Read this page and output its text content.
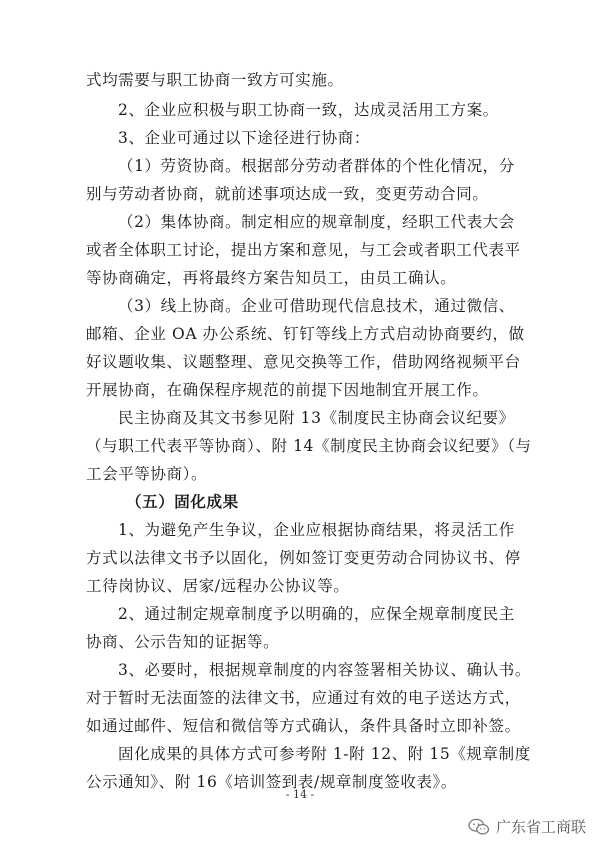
式均需要与职工协商一致方可实施。
2、企业应积极与职工协商一致，达成灵活用工方案。
3、企业可通过以下途径进行协商：
（1）劳资协商。根据部分劳动者群体的个性化情况，分
别与劳动者协商，就前述事项达成一致，变更劳动合同。
（2）集体协商。制定相应的规章制度，经职工代表大会
或者全体职工讨论，提出方案和意见，与工会或者职工代表平
等协商确定，再将最终方案告知员工，由员工确认。
（3）线上协商。企业可借助现代信息技术，通过微信、
邮箱、企业 OA 办公系统、钉钉等线上方式启动协商要约，做
好议题收集、议题整理、意见交换等工作，借助网络视频平台
开展协商，在确保程序规范的前提下因地制宜开展工作。
民主协商及其文书参见附 13《制度民主协商会议纪要》
（与职工代表平等协商）、附 14《制度民主协商会议纪要》（与
工会平等协商）。
（五）固化成果
1、为避免产生争议，企业应根据协商结果，将灵活工作
方式以法律文书予以固化，例如签订变更劳动合同协议书、停
工待岗协议、居家/远程办公协议等。
2、通过制定规章制度予以明确的，应保全规章制度民主
协商、公示告知的证据等。
3、必要时，根据规章制度的内容签署相关协议、确认书。
对于暂时无法面签的法律文书，应通过有效的电子送达方式，
如通过邮件、短信和微信等方式确认，条件具备时立即补签。
固化成果的具体方式可参考附 1-附 12、附 15《规章制度
公示通知》、附 16《培训签到表/规章制度签收表》。
- 14 -
广东省工商联
